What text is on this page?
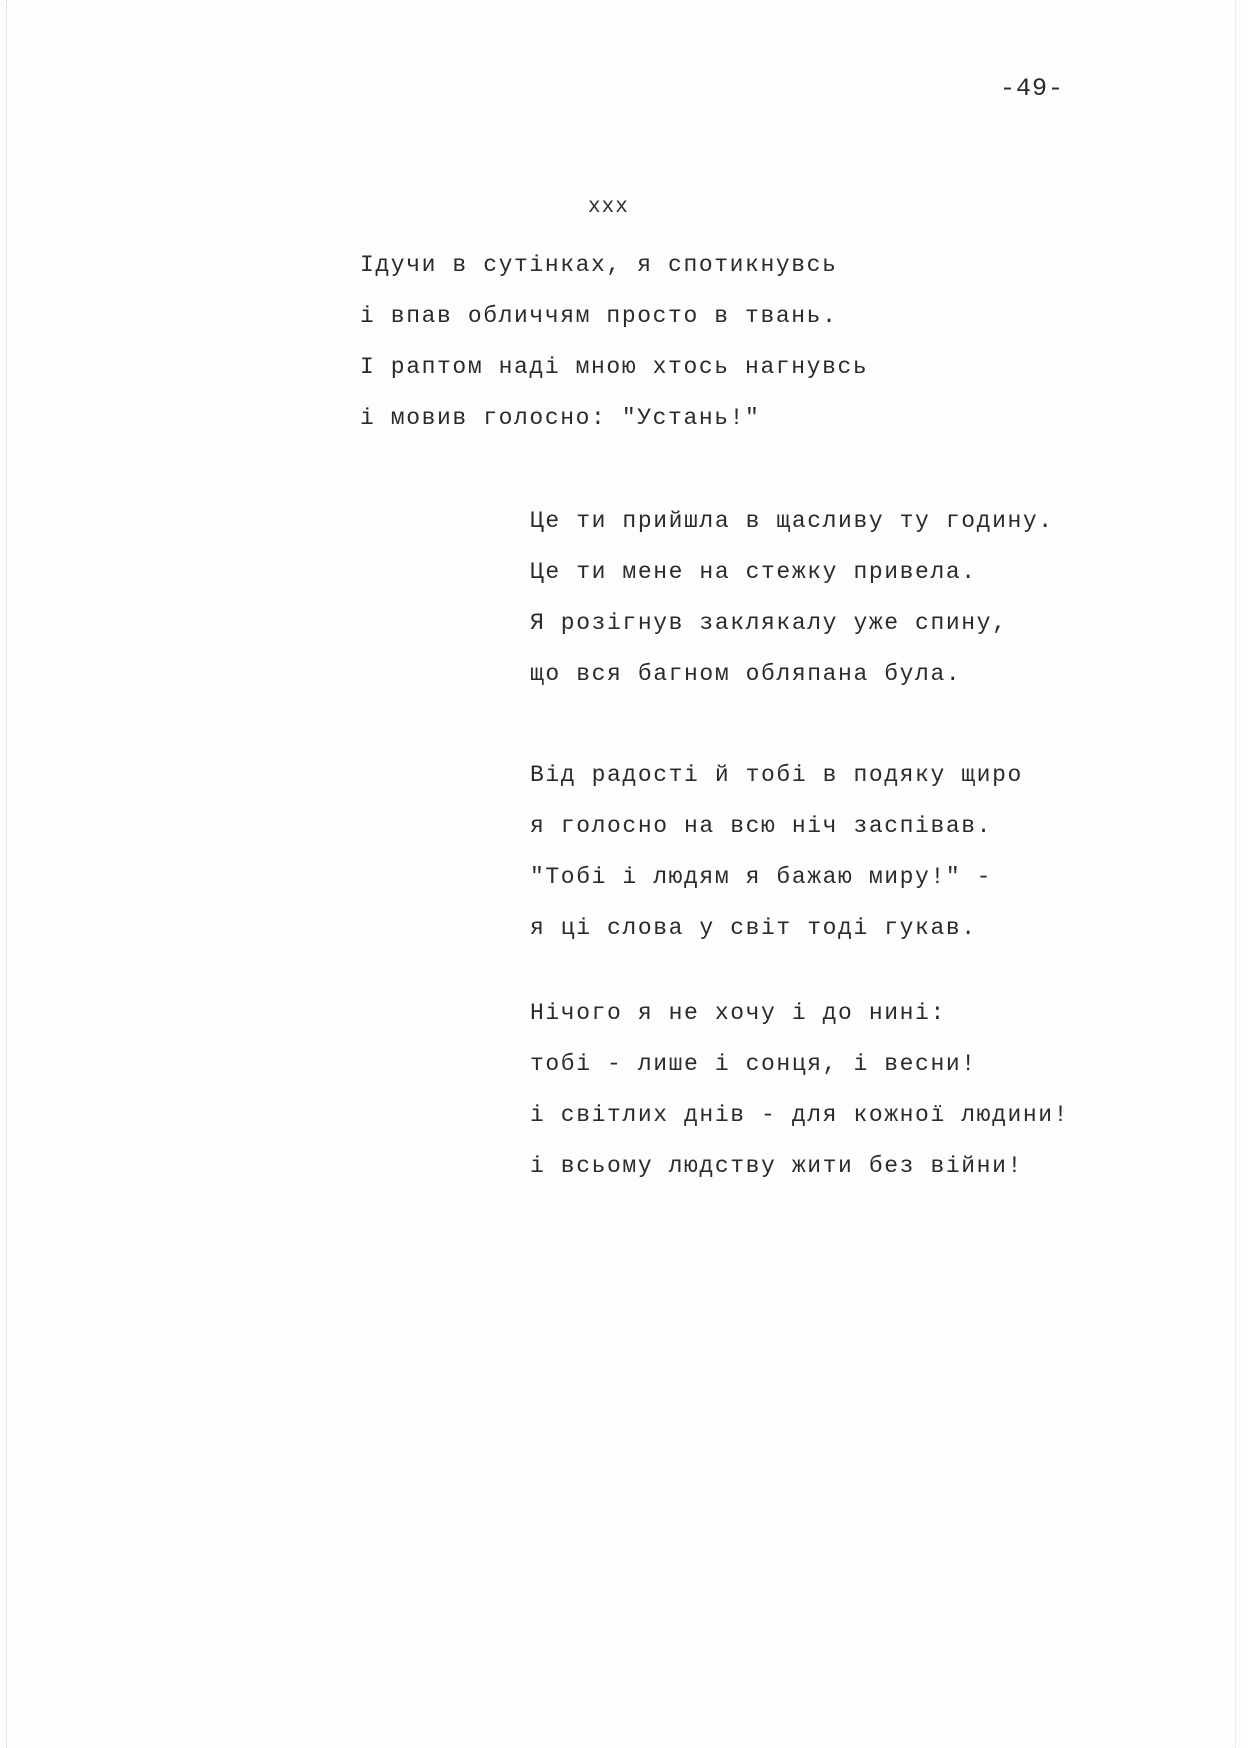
-49-
xxx
Ідучи в сутінках, я спотикнувсь
і впав обличчям просто в твань.
І раптом наді мною хтось нагнувсь
і мовив голосно: "Устань!"
Це ти прийшла в щасливу ту годину.
Це ти мене на стежку привела.
Я розігнув заклякалу уже спину,
що вся багном обляпана була.
Від радості й тобі в подяку щиро
я голосно на всю ніч заспівав.
"Тобі і людям я бажаю миру!" -
я ці слова у світ тоді гукав.
Нічого я не хочу і до нині:
тобі - лише і сонця, і весни!
і світлих днів - для кожної людини!
і всьому людству жити без війни!
